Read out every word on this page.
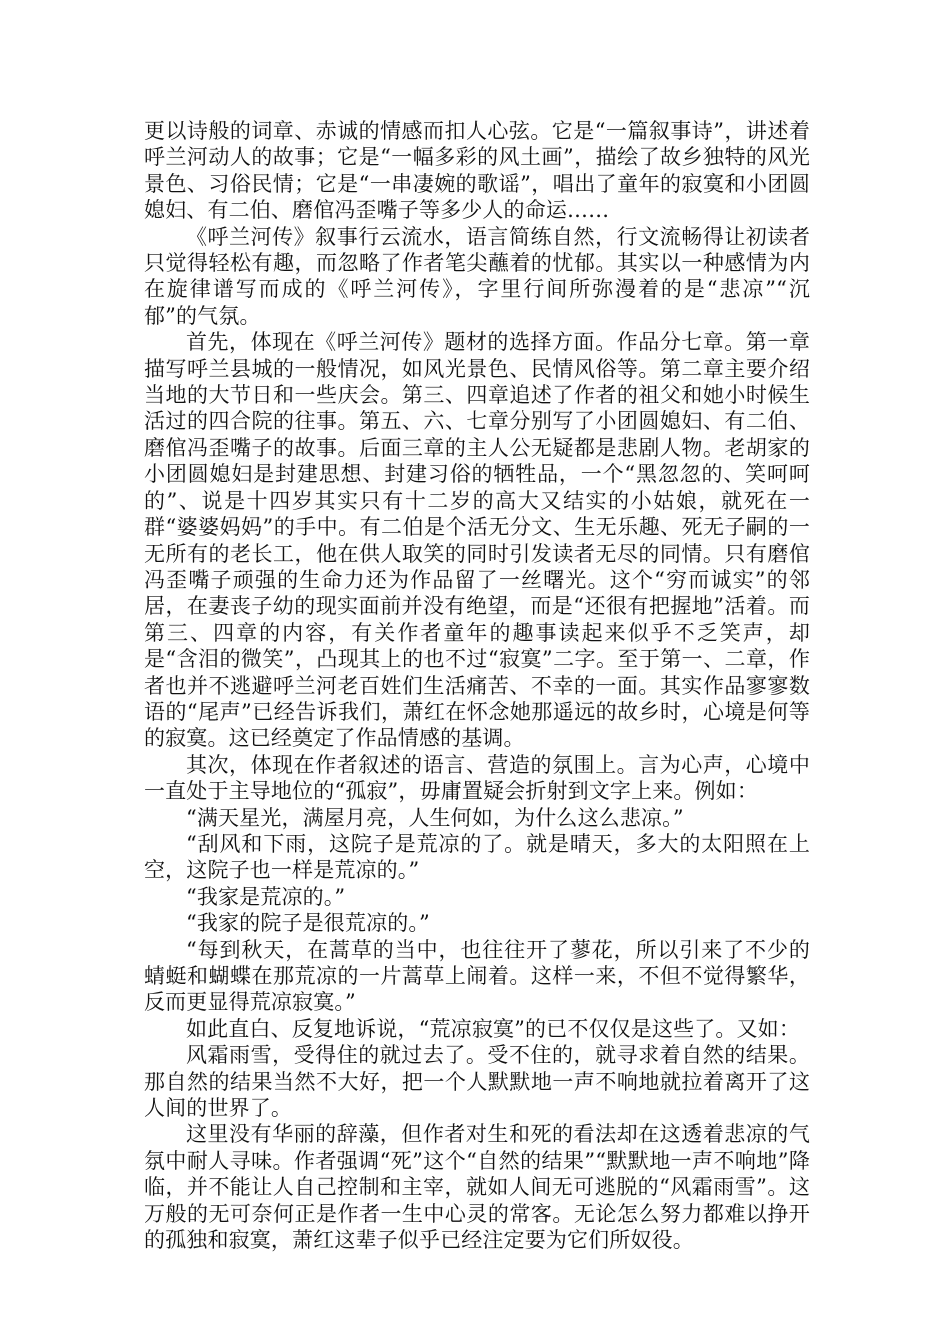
更以诗般的词章、赤诚的情感而扣人心弦。它是“一篇叙事诗”，讲述着呼兰河动人的故事；它是“一幅多彩的风土画”，描绘了故乡独特的风光景色、习俗民情；它是“一串凄婉的歌谣”，唱出了童年的寂寞和小团圆媳妇、有二伯、磨倌冯歪嘴子等多少人的命运……

《呼兰河传》叙事行云流水，语言简练自然，行文流畅得让初读者只觉得轻松有趣，而忽略了作者笔尖蘸着的忧郁。其实以一种感情为内在旋律谱写而成的《呼兰河传》，字里行间所弥漫着的是“悲凉”“沉郁”的气氛。

首先，体现在《呼兰河传》题材的选择方面。作品分七章。第一章描写呼兰县城的一般情况，如风光景色、民情风俗等。第二章主要介绍当地的大节日和一些庆会。第三、四章追述了作者的祖父和她小时候生活过的四合院的往事。第五、六、七章分别写了小团圆媳妇、有二伯、磨倌冯歪嘴子的故事。后面三章的主人公无疑都是悲剧人物。老胡家的小团圆媳妇是封建思想、封建习俗的牺牲品，一个“黑忽忽的、笑呵呵的”、说是十四岁其实只有十二岁的高大又结实的小姑娘，就死在一群“婆婆妈妈”的手中。有二伯是个活无分文、生无乐趣、死无子嗣的一无所有的老长工，他在供人取笑的同时引发读者无尽的同情。只有磨倌冯歪嘴子顽强的生命力还为作品留了一丝曙光。这个“穷而诚实”的邻居，在妻丧子幼的现实面前并没有绝望，而是“还很有把握地”活着。而第三、四章的内容，有关作者童年的趣事读起来似乎不乏笑声，却是“含泪的微笑”，凸现其上的也不过“寂寞”二字。至于第一、二章，作者也并不逃避呼兰河老百姓们生活痛苦、不幸的一面。其实作品寥寥数语的“尾声”已经告诉我们，萧红在怀念她那遥远的故乡时，心境是何等的寂寞。这已经奠定了作品情感的基调。

其次，体现在作者叙述的语言、营造的氛围上。言为心声，心境中一直处于主导地位的“孤寂”，毋庸置疑会折射到文字上来。例如：

“满天星光，满屋月亮，人生何如，为什么这么悲凉。”

“刮风和下雨，这院子是荒凉的了。就是晴天，多大的太阳照在上空，这院子也一样是荒凉的。”

“我家是荒凉的。”

“我家的院子是很荒凉的。”

“每到秋天，在蒿草的当中，也往往开了蓼花，所以引来了不少的蜻蜓和蝴蝶在那荒凉的一片蒿草上闹着。这样一来，不但不觉得繁华，反而更显得荒凉寂寞。”

如此直白、反复地诉说，“荒凉寂寞”的已不仅仅是这些了。又如：

风霜雨雪，受得住的就过去了。受不住的，就寻求着自然的结果。那自然的结果当然不大好，把一个人默默地一声不响地就拉着离开了这人间的世界了。

这里没有华丽的辞藻，但作者对生和死的看法却在这透着悲凉的气氛中耐人寻味。作者强调“死”这个“自然的结果”“默默地一声不响地”降临，并不能让人自己控制和主宰，就如人间无可逃脱的“风霜雨雪”。这万般的无可奈何正是作者一生中心灵的常客。无论怎么努力都难以挣开的孤独和寂寞，萧红这辈子似乎已经注定要为它们所奴役。
